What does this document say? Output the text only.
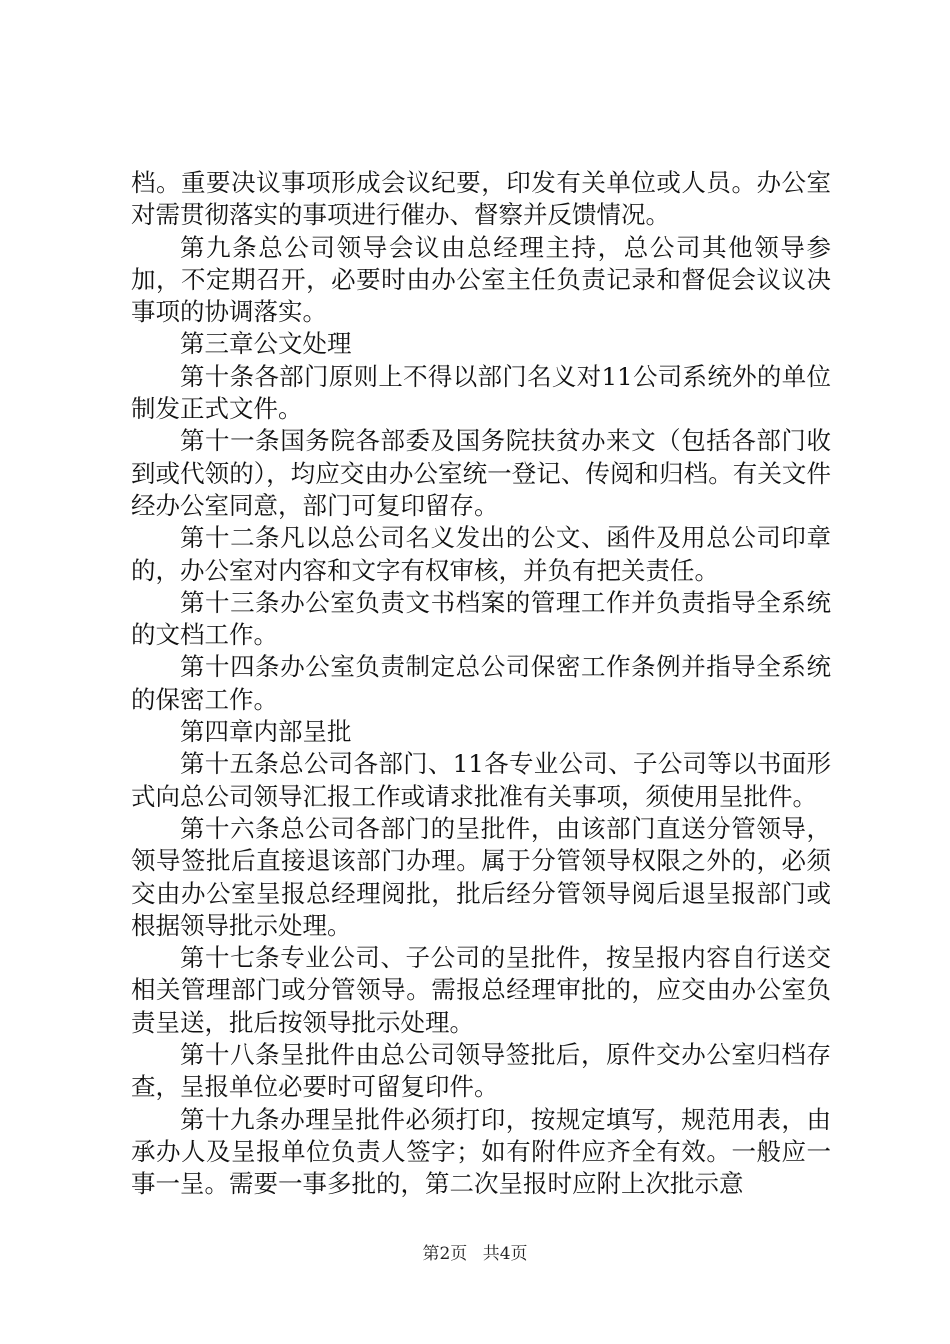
档。重要决议事项形成会议纪要，印发有关单位或人员。办公室对需贯彻落实的事项进行催办、督察并反馈情况。

第九条总公司领导会议由总经理主持，总公司其他领导参加，不定期召开，必要时由办公室主任负责记录和督促会议议决事项的协调落实。

第三章公文处理

第十条各部门原则上不得以部门名义对11公司系统外的单位制发正式文件。

第十一条国务院各部委及国务院扶贫办来文（包括各部门收到或代领的），均应交由办公室统一登记、传阅和归档。有关文件经办公室同意，部门可复印留存。

第十二条凡以总公司名义发出的公文、函件及用总公司印章的，办公室对内容和文字有权审核，并负有把关责任。

第十三条办公室负责文书档案的管理工作并负责指导全系统的文档工作。

第十四条办公室负责制定总公司保密工作条例并指导全系统的保密工作。

第四章内部呈批

第十五条总公司各部门、11各专业公司、子公司等以书面形式向总公司领导汇报工作或请求批准有关事项，须使用呈批件。

第十六条总公司各部门的呈批件，由该部门直送分管领导，领导签批后直接退该部门办理。属于分管领导权限之外的，必须交由办公室呈报总经理阅批，批后经分管领导阅后退呈报部门或根据领导批示处理。

第十七条专业公司、子公司的呈批件，按呈报内容自行送交相关管理部门或分管领导。需报总经理审批的，应交由办公室负责呈送，批后按领导批示处理。

第十八条呈批件由总公司领导签批后，原件交办公室归档存查，呈报单位必要时可留复印件。

第十九条办理呈批件必须打印，按规定填写，规范用表，由承办人及呈报单位负责人签字；如有附件应齐全有效。一般应一事一呈。需要一事多批的，第二次呈报时应附上次批示意

第2页 共4页
